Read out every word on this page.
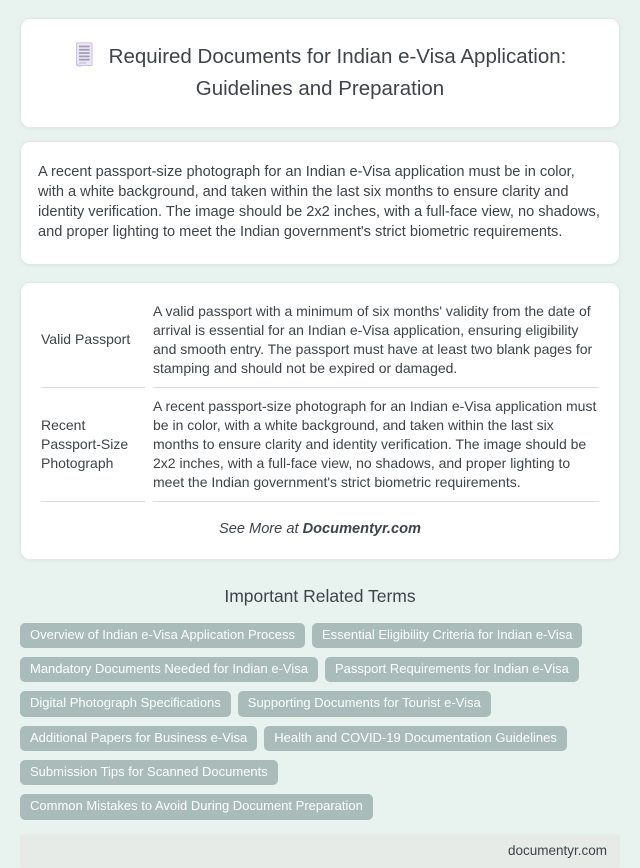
Required Documents for Indian e-Visa Application: Guidelines and Preparation
A recent passport-size photograph for an Indian e-Visa application must be in color, with a white background, and taken within the last six months to ensure clarity and identity verification. The image should be 2x2 inches, with a full-face view, no shadows, and proper lighting to meet the Indian government's strict biometric requirements.
Valid Passport	A valid passport with a minimum of six months' validity from the date of arrival is essential for an Indian e-Visa application, ensuring eligibility and smooth entry. The passport must have at least two blank pages for stamping and should not be expired or damaged.
Recent Passport-Size Photograph	A recent passport-size photograph for an Indian e-Visa application must be in color, with a white background, and taken within the last six months to ensure clarity and identity verification. The image should be 2x2 inches, with a full-face view, no shadows, and proper lighting to meet the Indian government's strict biometric requirements.
See More at Documentyr.com
Important Related Terms
Overview of Indian e-Visa Application Process	Essential Eligibility Criteria for Indian e-Visa
Mandatory Documents Needed for Indian e-Visa	Passport Requirements for Indian e-Visa
Digital Photograph Specifications	Supporting Documents for Tourist e-Visa
Additional Papers for Business e-Visa	Health and COVID-19 Documentation Guidelines
Submission Tips for Scanned Documents
Common Mistakes to Avoid During Document Preparation
documentyr.com
